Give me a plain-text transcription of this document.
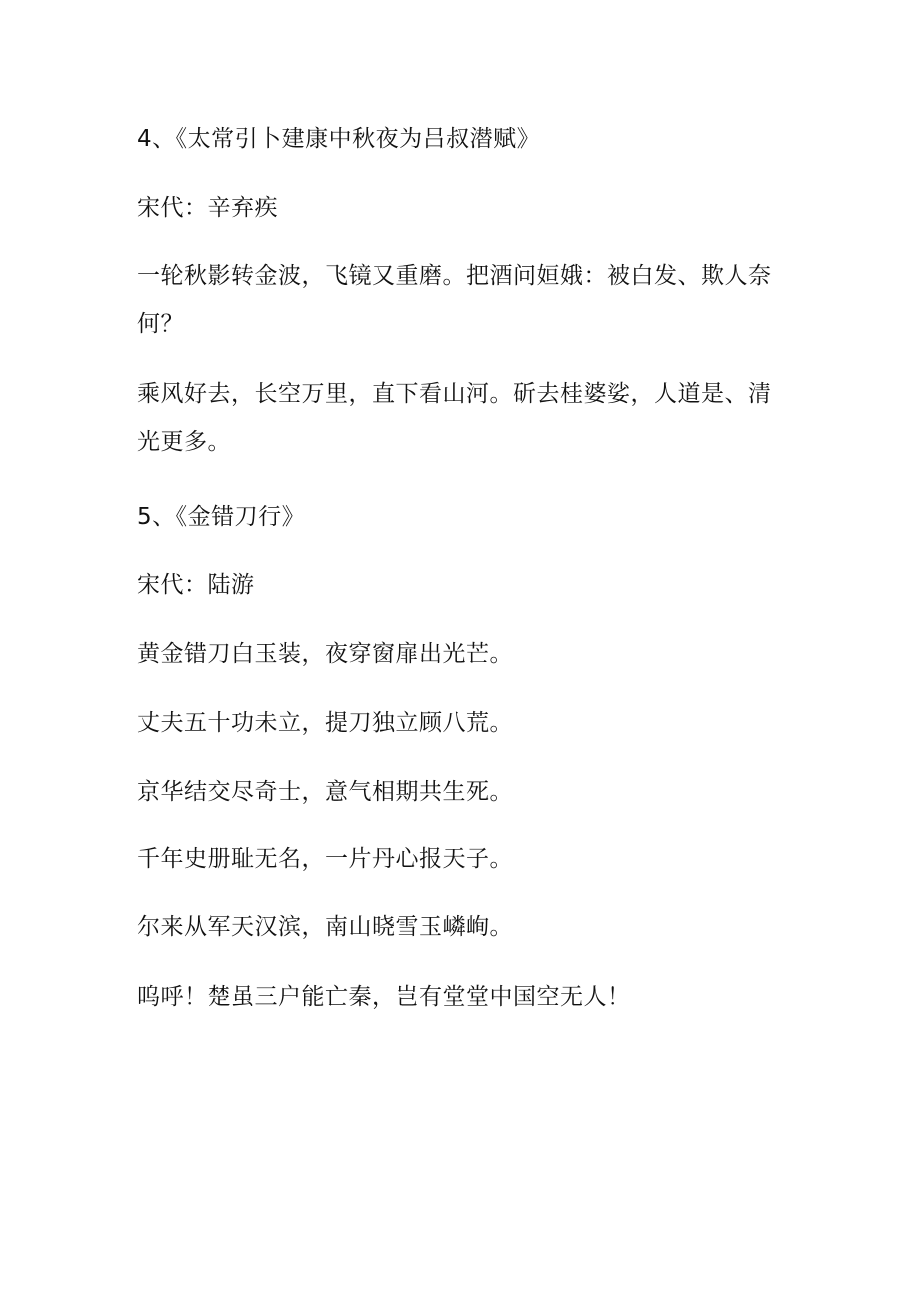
4、《太常引卜建康中秋夜为吕叔潜赋》
宋代：辛弃疾
一轮秋影转金波，飞镜又重磨。把酒问姮娥：被白发、欺人奈
何？
乘风好去，长空万里，直下看山河。斫去桂婆娑，人道是、清
光更多。
5、《金错刀行》
宋代：陆游
黄金错刀白玉装，夜穿窗扉出光芒。
丈夫五十功未立，提刀独立顾八荒。
京华结交尽奇士，意气相期共生死。
千年史册耻无名，一片丹心报天子。
尔来从军天汉滨，南山晓雪玉嶙峋。
呜呼！楚虽三户能亡秦，岂有堂堂中国空无人！
